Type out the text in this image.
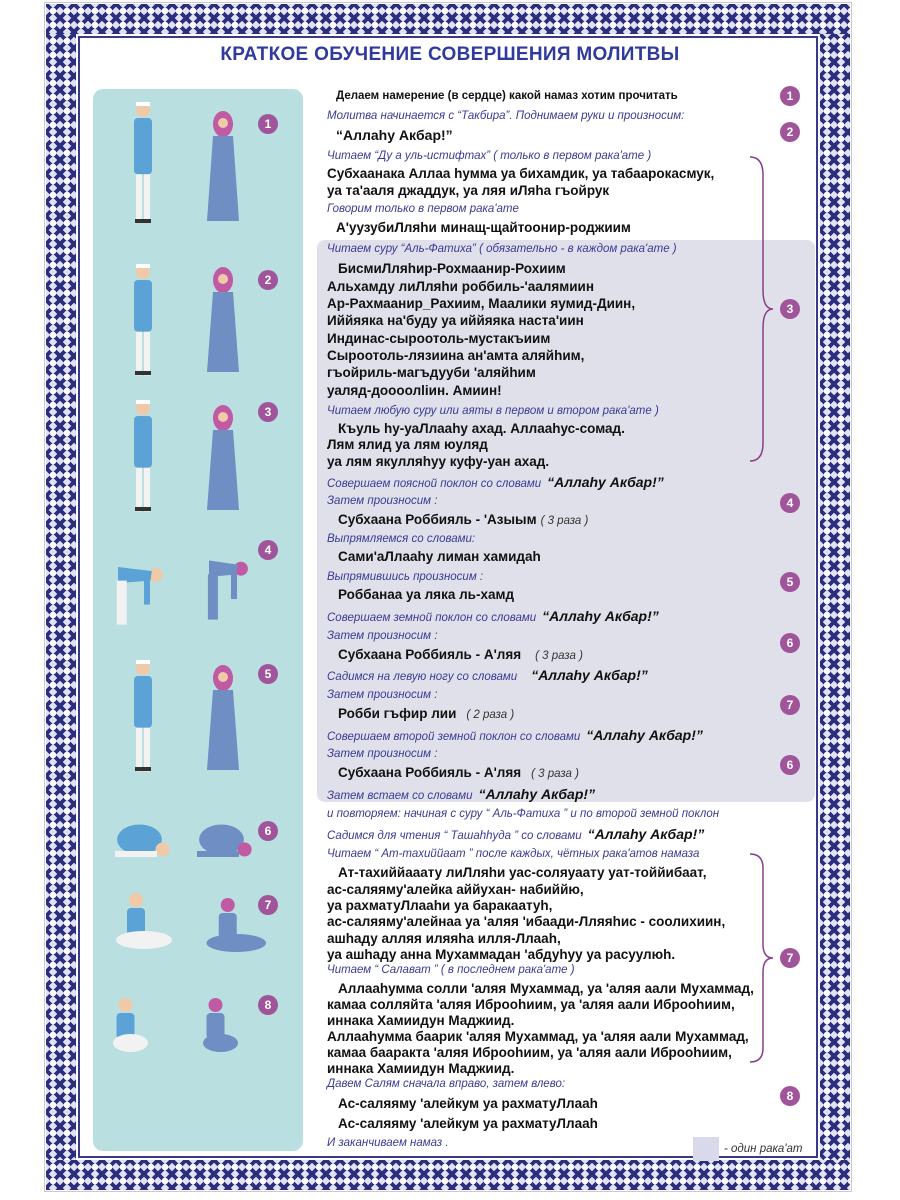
КРАТКОЕ ОБУЧЕНИЕ СОВЕРШЕНИЯ МОЛИТВЫ
1
2
3
4
5
6
7
8
1
2
3
4
5
6
7
6
7
8
Делаем намерение (в сердце) какой намаз хотим прочитать
Молитва начинается с “Такбира”. Поднимаем руки и произносим:
“Аллаhу Акбар!”
Читаем “Ду а уль-истифтах” ( только в первом рака'ате )
Субхаанака Аллаа hумма уа бихамдик, уа табаарокасмук,
уа та'ааля джаддук, уа ляя иЛяhа гъойрук
Говорим только в первом рака'ате
А'уузубиЛляhи минащ-щайтоонир-роджиим
Читаем суру “Аль-Фатиха” ( обязательно - в каждом рака'ате )
БисмиЛляhир-Рохмаанир-Рохиим
Альхамду лиЛляhи роббиль-'аалямиин
Ар-Рахмаанир_Рахиим, Маалики яумид-Диин,
Иййяяка на'буду уа иййяяка наста'иин
Индинас-сыроотоль-мустакъиим
Сыроотоль-лязиина ан'амта аляйhим,
гъойриль-магъдууби 'аляйhим
уаляд-доооолliин. Амиин!
Читаем любую суру или аяты в первом и втором рака'ате )
Къуль hу-уаЛлааhу ахад. Аллааhус-сомад.
Лям ялид уа лям юуляд
уа лям якулляhуу куфу-уан ахад.
Совершаем поясной поклон со словами “Аллаhу Акбар!”
Затем произносим :
Субхаана Роббияль - 'Азыым ( 3 раза )
Выпрямляемся со словами:
Сами'аЛлааhу лиман хамидаh
Выпрямившись произносим :
Роббанаа уа ляка ль-хамд
Совершаем земной поклон со словами “Аллаhу Акбар!”
Затем произносим :
Субхаана Роббияль - А'ляя ( 3 раза )
Садимся на левую ногу со словами “Аллаhу Акбар!”
Затем произносим :
Робби гъфир лии ( 2 раза )
Совершаем второй земной поклон со словами “Аллаhу Акбар!”
Затем произносим :
Субхаана Роббияль - А'ляя ( 3 раза )
Затем встаем со словами “Аллаhу Акбар!”
и повторяем: начиная с суру “ Аль-Фатиха ” и по второй земной поклон
Садимся для чтения “ Ташаhhуда ” со словами “Аллаhу Акбар!”
Читаем “ Ат-тахиййаат ” после каждых, чётных рака'атов намаза
Ат-тахиййааату лиЛляhи уас-соляуаату уат-тоййибаат,
ас-саляяму'алейка аййухан- набиййю,
уа рахматуЛлааhи уа баракаатуh,
ас-саляяму'алейнаа уа 'аляя 'ибаади-Лляяhис - соолихиин,
ашhаду алляя иляяhа илля-Ллааh,
уа ашhаду анна Мухаммадан 'абдуhуу уа расуулюh.
Читаем “ Салават ” ( в последнем рака'ате )
Аллааhумма солли 'аляя Мухаммад, уа 'аляя аали Мухаммад,
камаа солляйта 'аляя Иброоhиим, уа 'аляя аали Иброоhиим,
иннака Хамиидун Маджиид.
Аллааhумма баарик 'аляя Мухаммад, уа 'аляя аали Мухаммад,
камаа бааракта 'аляя Иброоhиим, уа 'аляя аали Иброоhиим,
иннака Хамиидун Маджиид.
Давем Салям сначала вправо, затем влево:
Ас-саляяму 'алейкум уа рахматуЛлааh
Ас-саляяму 'алейкум уа рахматуЛлааh
И заканчиваем намаз .	- один рака'ат
